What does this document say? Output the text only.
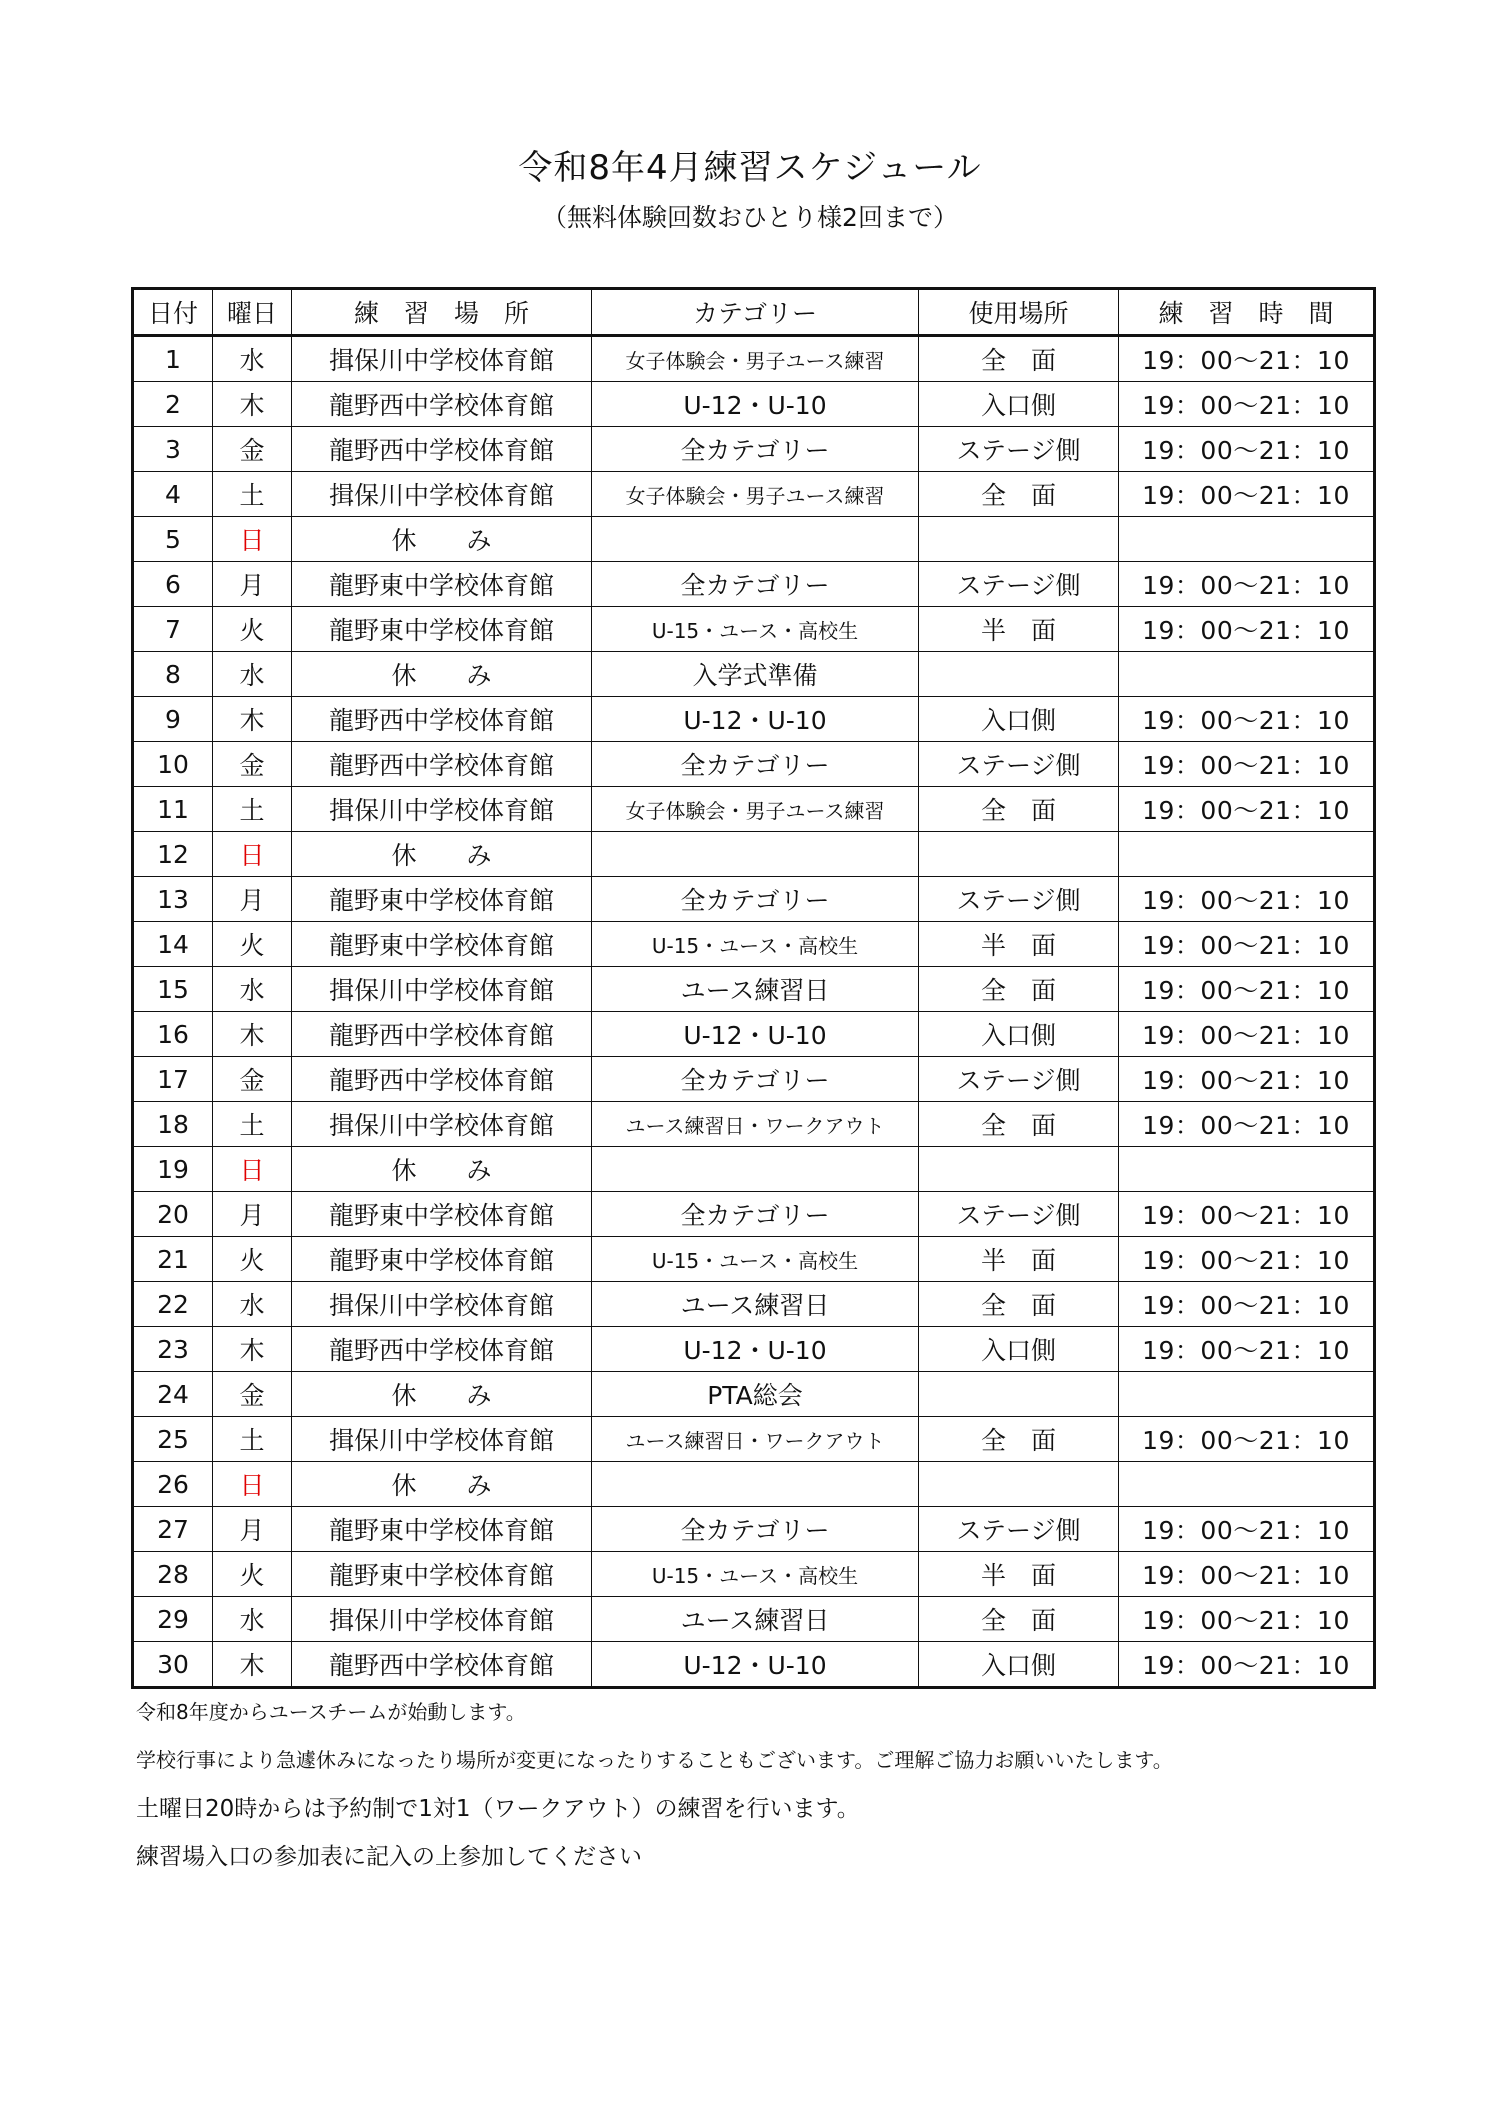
令和8年4月練習スケジュール
（無料体験回数おひとり様2回まで）
日付	曜日	練　習　場　所	カテゴリー	使用場所	練　習　時　間
1	水	揖保川中学校体育館	女子体験会・男子ユース練習	全　面	19：00～21：10
2	木	龍野西中学校体育館	U-12・U-10	入口側	19：00～21：10
3	金	龍野西中学校体育館	全カテゴリー	ステージ側	19：00～21：10
4	土	揖保川中学校体育館	女子体験会・男子ユース練習	全　面	19：00～21：10
5	日	休　　み			
6	月	龍野東中学校体育館	全カテゴリー	ステージ側	19：00～21：10
7	火	龍野東中学校体育館	U-15・ユース・高校生	半　面	19：00～21：10
8	水	休　　み	入学式準備		
9	木	龍野西中学校体育館	U-12・U-10	入口側	19：00～21：10
10	金	龍野西中学校体育館	全カテゴリー	ステージ側	19：00～21：10
11	土	揖保川中学校体育館	女子体験会・男子ユース練習	全　面	19：00～21：10
12	日	休　　み			
13	月	龍野東中学校体育館	全カテゴリー	ステージ側	19：00～21：10
14	火	龍野東中学校体育館	U-15・ユース・高校生	半　面	19：00～21：10
15	水	揖保川中学校体育館	ユース練習日	全　面	19：00～21：10
16	木	龍野西中学校体育館	U-12・U-10	入口側	19：00～21：10
17	金	龍野西中学校体育館	全カテゴリー	ステージ側	19：00～21：10
18	土	揖保川中学校体育館	ユース練習日・ワークアウト	全　面	19：00～21：10
19	日	休　　み			
20	月	龍野東中学校体育館	全カテゴリー	ステージ側	19：00～21：10
21	火	龍野東中学校体育館	U-15・ユース・高校生	半　面	19：00～21：10
22	水	揖保川中学校体育館	ユース練習日	全　面	19：00～21：10
23	木	龍野西中学校体育館	U-12・U-10	入口側	19：00～21：10
24	金	休　　み	PTA総会		
25	土	揖保川中学校体育館	ユース練習日・ワークアウト	全　面	19：00～21：10
26	日	休　　み			
27	月	龍野東中学校体育館	全カテゴリー	ステージ側	19：00～21：10
28	火	龍野東中学校体育館	U-15・ユース・高校生	半　面	19：00～21：10
29	水	揖保川中学校体育館	ユース練習日	全　面	19：00～21：10
30	木	龍野西中学校体育館	U-12・U-10	入口側	19：00～21：10

令和8年度からユースチームが始動します。

学校行事により急遽休みになったり場所が変更になったりすることもございます。ご理解ご協力お願いいたします。

土曜日20時からは予約制で1対1（ワークアウト）の練習を行います。

練習場入口の参加表に記入の上参加してください
